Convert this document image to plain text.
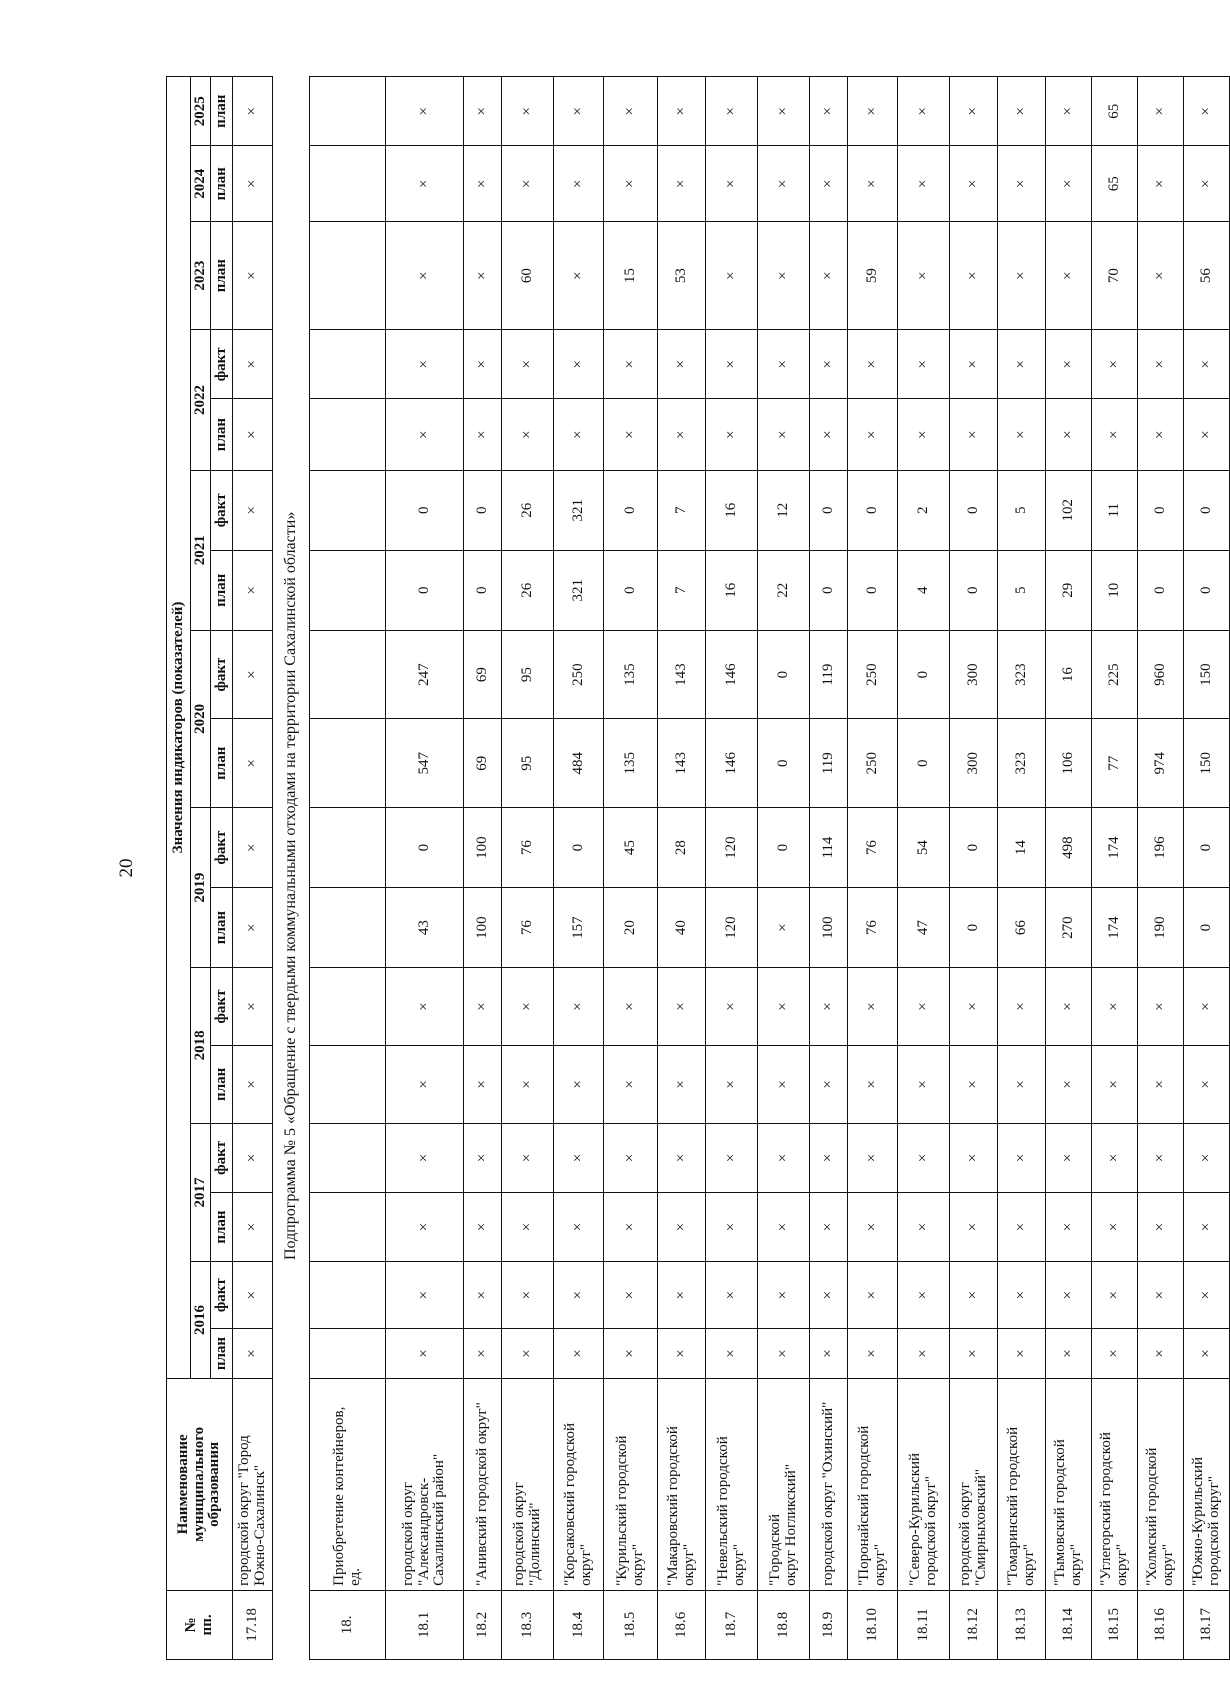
20
№
пп.	Наименование
муниципального
образования	Значения индикаторов (показателей)																
		2016		2017		2018		2019		2020		2021		2022		2023	2024	2025
		план	факт	план	факт	план	факт	план	факт	план	факт	план	факт	план	факт	план	план	план
17.18	городской округ "Город
Южно-Сахалинск"	×	×	×	×	×	×	×	×	×	×	×	×	×	×	×	×	×
Подпрограмма № 5 «Обращение с твердыми коммунальными отходами на территории Сахалинской области»
18.	Приобретение контейнеров,
ед.																	
18.1	городской округ
"Александровск-
Сахалинский район"	×	×	×	×	×	×	43	0	547	247	0	0	×	×	×	×	×
18.2	"Анивский городской округ"	×	×	×	×	×	×	100	100	69	69	0	0	×	×	×	×	×
18.3	городской округ
"Долинский"	×	×	×	×	×	×	76	76	95	95	26	26	×	×	60	×	×
18.4	"Корсаковский городской
округ"	×	×	×	×	×	×	157	0	484	250	321	321	×	×	×	×	×
18.5	"Курильский городской
округ"	×	×	×	×	×	×	20	45	135	135	0	0	×	×	15	×	×
18.6	"Макаровский городской
округ"	×	×	×	×	×	×	40	28	143	143	7	7	×	×	53	×	×
18.7	"Невельский городской
округ"	×	×	×	×	×	×	120	120	146	146	16	16	×	×	×	×	×
18.8	"Городской
округ Ногликский"	×	×	×	×	×	×	×	0	0	0	22	12	×	×	×	×	×
18.9	городской округ "Охинский"	×	×	×	×	×	×	100	114	119	119	0	0	×	×	×	×	×
18.10	"Поронайский городской
округ"	×	×	×	×	×	×	76	76	250	250	0	0	×	×	59	×	×
18.11	"Северо-Курильский
городской округ"	×	×	×	×	×	×	47	54	0	0	4	2	×	×	×	×	×
18.12	городской округ
"Смирныховский"	×	×	×	×	×	×	0	0	300	300	0	0	×	×	×	×	×
18.13	"Томаринский городской
округ"	×	×	×	×	×	×	66	14	323	323	5	5	×	×	×	×	×
18.14	"Тымовский городской
округ"	×	×	×	×	×	×	270	498	106	16	29	102	×	×	×	×	×
18.15	"Углегорский городской
округ"	×	×	×	×	×	×	174	174	77	225	10	11	×	×	70	65	65
18.16	"Холмский городской
округ"	×	×	×	×	×	×	190	196	974	960	0	0	×	×	×	×	×
18.17	"Южно-Курильский
городской округ"	×	×	×	×	×	×	0	0	150	150	0	0	×	×	56	×	×
